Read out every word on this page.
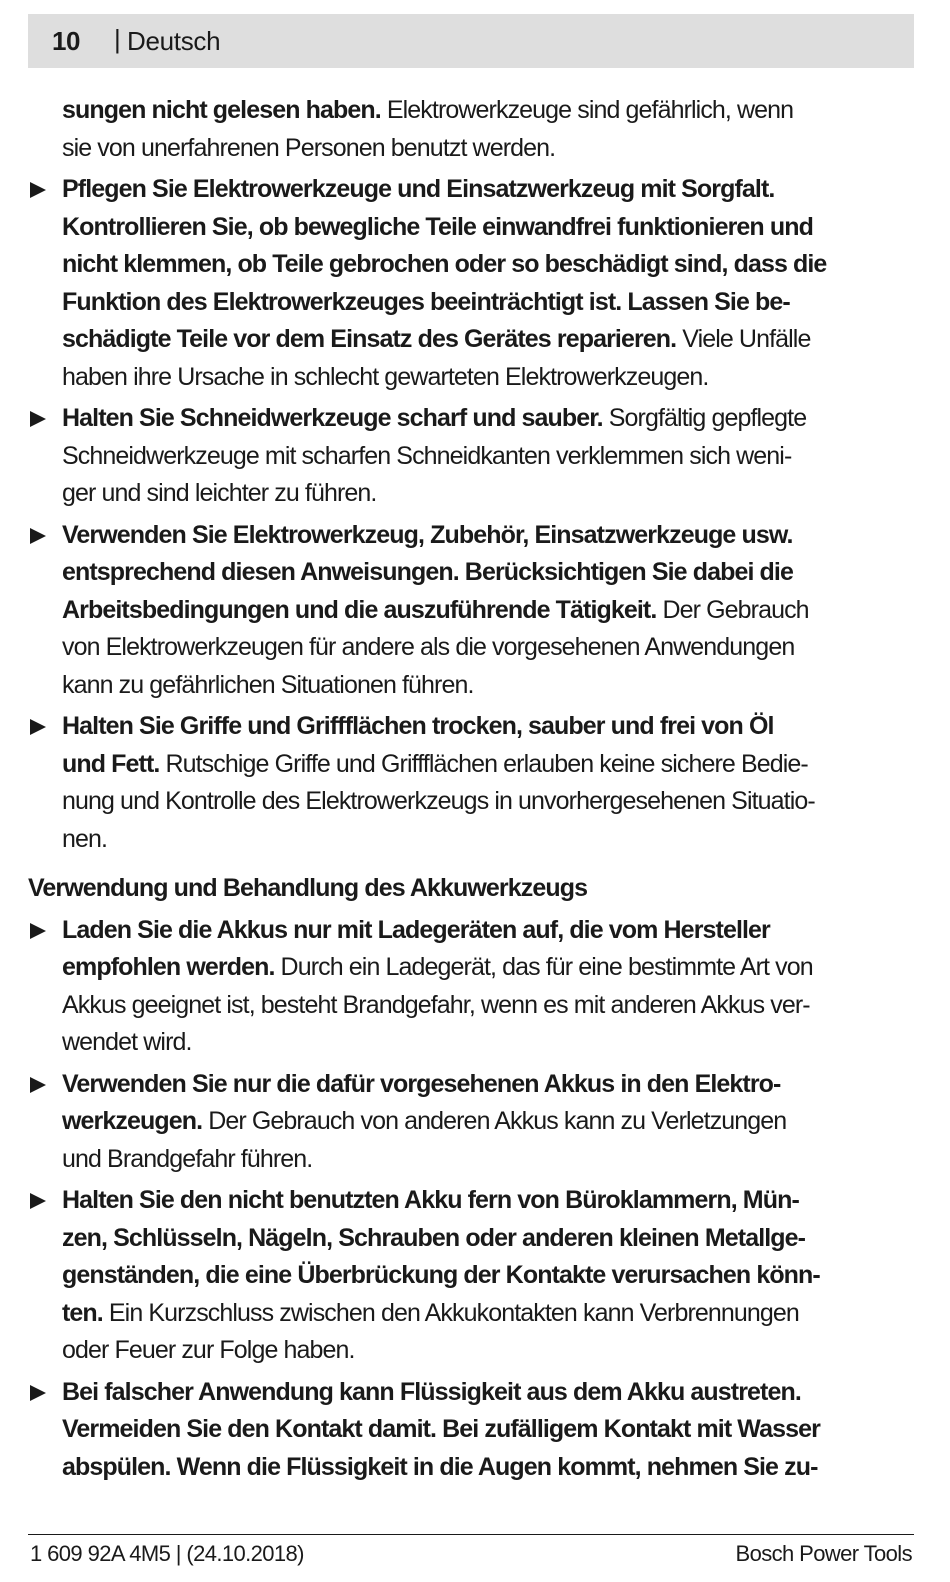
10 | Deutsch
sungen nicht gelesen haben. Elektrowerkzeuge sind gefährlich, wenn
sie von unerfahrenen Personen benutzt werden.
Pflegen Sie Elektrowerkzeuge und Einsatzwerkzeug mit Sorgfalt.
Kontrollieren Sie, ob bewegliche Teile einwandfrei funktionieren und
nicht klemmen, ob Teile gebrochen oder so beschädigt sind, dass die
Funktion des Elektrowerkzeuges beeinträchtigt ist. Lassen Sie be-
schädigte Teile vor dem Einsatz des Gerätes reparieren. Viele Unfälle
haben ihre Ursache in schlecht gewarteten Elektrowerkzeugen.
Halten Sie Schneidwerkzeuge scharf und sauber. Sorgfältig gepflegte
Schneidwerkzeuge mit scharfen Schneidkanten verklemmen sich weni-
ger und sind leichter zu führen.
Verwenden Sie Elektrowerkzeug, Zubehör, Einsatzwerkzeuge usw.
entsprechend diesen Anweisungen. Berücksichtigen Sie dabei die
Arbeitsbedingungen und die auszuführende Tätigkeit. Der Gebrauch
von Elektrowerkzeugen für andere als die vorgesehenen Anwendungen
kann zu gefährlichen Situationen führen.
Halten Sie Griffe und Griffflächen trocken, sauber und frei von Öl
und Fett. Rutschige Griffe und Griffflächen erlauben keine sichere Bedie-
nung und Kontrolle des Elektrowerkzeugs in unvorhergesehenen Situatio-
nen.
Verwendung und Behandlung des Akkuwerkzeugs
Laden Sie die Akkus nur mit Ladegeräten auf, die vom Hersteller
empfohlen werden. Durch ein Ladegerät, das für eine bestimmte Art von
Akkus geeignet ist, besteht Brandgefahr, wenn es mit anderen Akkus ver-
wendet wird.
Verwenden Sie nur die dafür vorgesehenen Akkus in den Elektro-
werkzeugen. Der Gebrauch von anderen Akkus kann zu Verletzungen
und Brandgefahr führen.
Halten Sie den nicht benutzten Akku fern von Büroklammern, Mün-
zen, Schlüsseln, Nägeln, Schrauben oder anderen kleinen Metallge-
genständen, die eine Überbrückung der Kontakte verursachen könn-
ten. Ein Kurzschluss zwischen den Akkukontakten kann Verbrennungen
oder Feuer zur Folge haben.
Bei falscher Anwendung kann Flüssigkeit aus dem Akku austreten.
Vermeiden Sie den Kontakt damit. Bei zufälligem Kontakt mit Wasser
abspülen. Wenn die Flüssigkeit in die Augen kommt, nehmen Sie zu-
1 609 92A 4M5 | (24.10.2018)	Bosch Power Tools
